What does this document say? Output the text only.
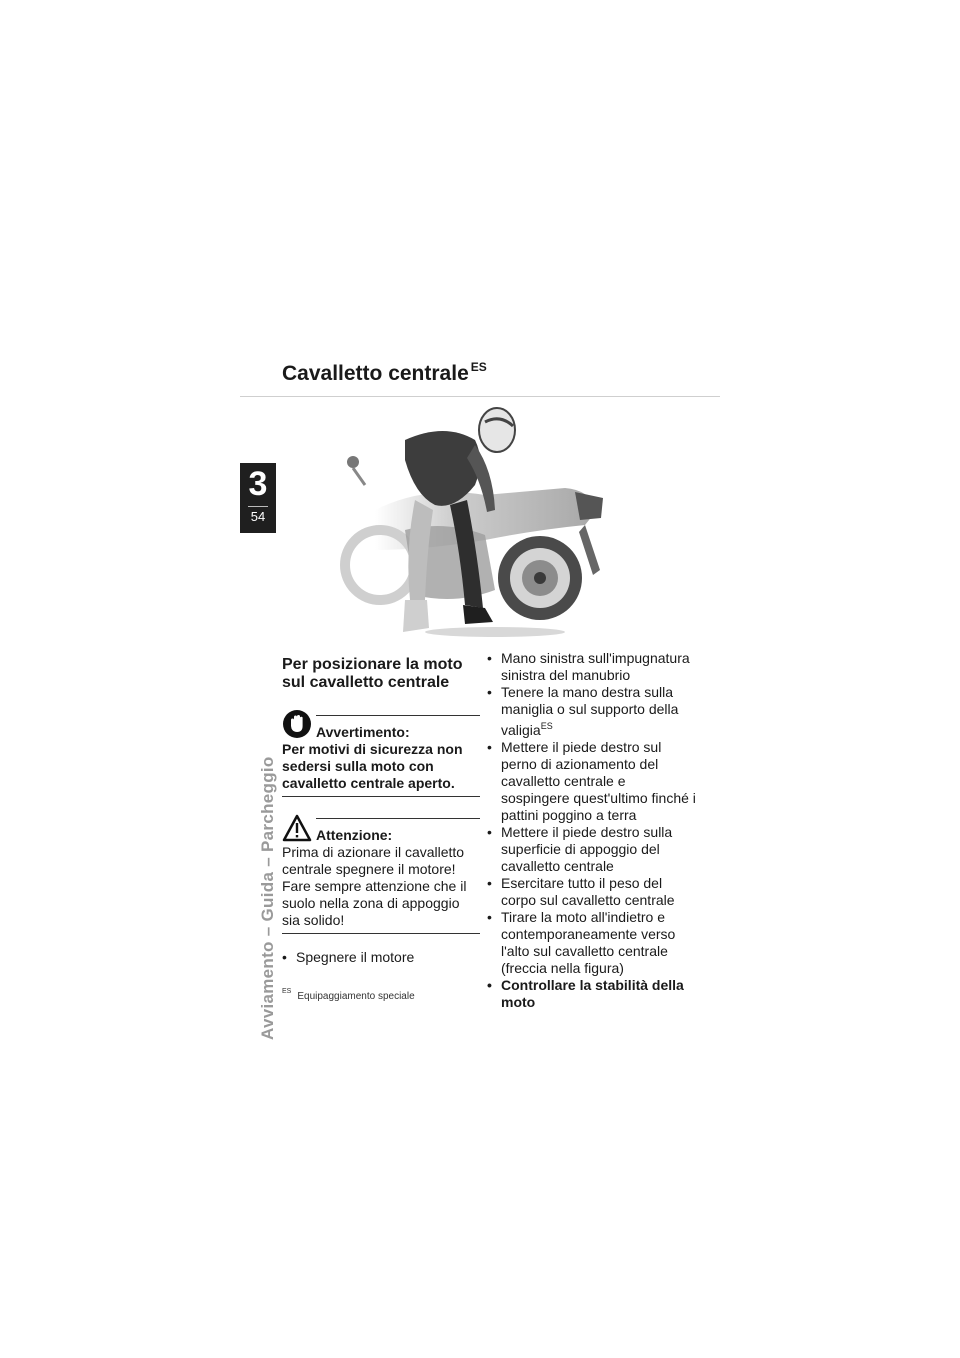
3
54
Avviamento – Guida – Parcheggio
Cavalletto centrale $^{ES}$
Per posizionare la moto sul cavalletto centrale
Avvertimento:
Per motivi di sicurezza non sedersi sulla moto con cavalletto centrale aperto.
Attenzione:
Prima di azionare il cavalletto centrale spegnere il motore! Fare sempre attenzione che il suolo nella zona di appoggio sia solido!
• Spegnere il motore
$^{ES}$ Equipaggiamento speciale
• Mano sinistra sull'impugnatura sinistra del manubrio
• Tenere la mano destra sulla maniglia o sul supporto della valigia$^{ES}$
• Mettere il piede destro sul perno di azionamento del cavalletto centrale e sospingere quest'ultimo finché i pattini poggino a terra
• Mettere il piede destro sulla superficie di appoggio del cavalletto centrale
• Esercitare tutto il peso del corpo sul cavalletto centrale
• Tirare la moto all'indietro e contemporaneamente verso l'alto sul cavalletto centrale (freccia nella figura)
• Controllare la stabilità della moto
